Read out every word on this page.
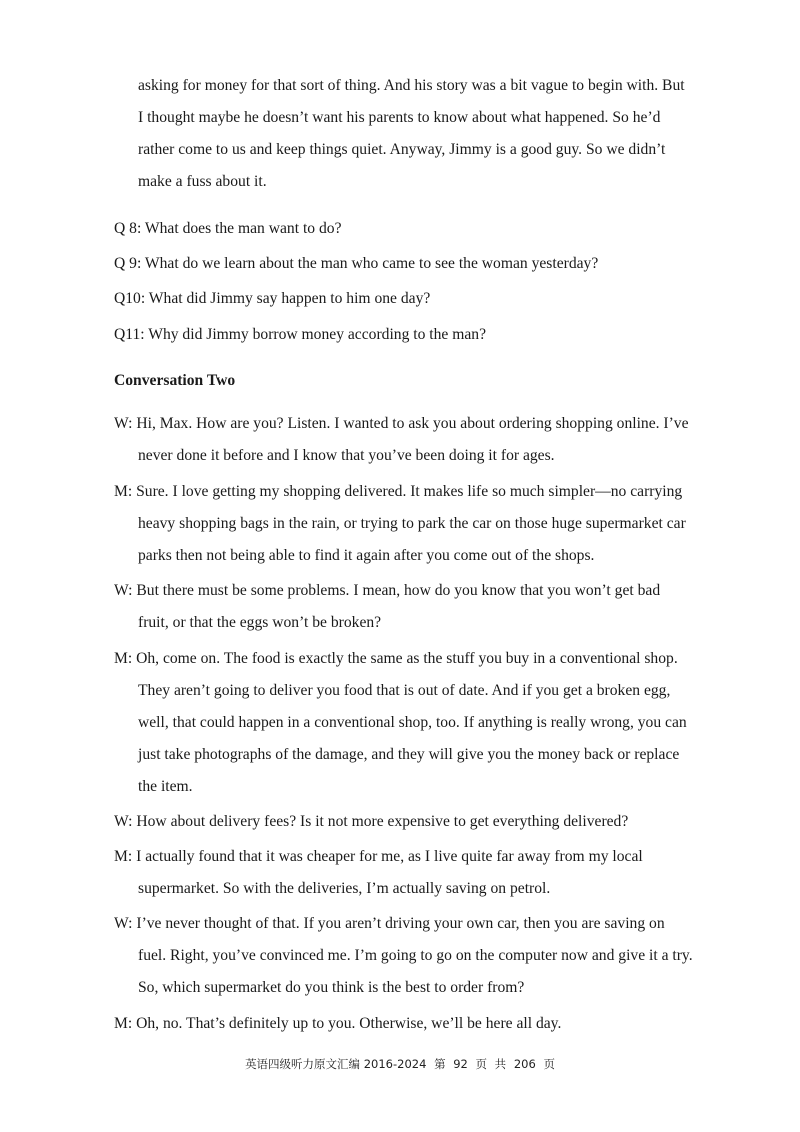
asking for money for that sort of thing. And his story was a bit vague to begin with. But
I thought maybe he doesn’t want his parents to know about what happened. So he’d
rather come to us and keep things quiet. Anyway, Jimmy is a good guy. So we didn’t
make a fuss about it.
Q 8: What does the man want to do?
Q 9: What do we learn about the man who came to see the woman yesterday?
Q10: What did Jimmy say happen to him one day?
Q11: Why did Jimmy borrow money according to the man?
Conversation Two
W: Hi, Max. How are you? Listen. I wanted to ask you about ordering shopping online. I’ve
never done it before and I know that you’ve been doing it for ages.
M: Sure. I love getting my shopping delivered. It makes life so much simpler—no carrying
heavy shopping bags in the rain, or trying to park the car on those huge supermarket car
parks then not being able to find it again after you come out of the shops.
W: But there must be some problems. I mean, how do you know that you won’t get bad
fruit, or that the eggs won’t be broken?
M: Oh, come on. The food is exactly the same as the stuff you buy in a conventional shop.
They aren’t going to deliver you food that is out of date. And if you get a broken egg,
well, that could happen in a conventional shop, too. If anything is really wrong, you can
just take photographs of the damage, and they will give you the money back or replace
the item.
W: How about delivery fees? Is it not more expensive to get everything delivered?
M: I actually found that it was cheaper for me, as I live quite far away from my local
supermarket. So with the deliveries, I’m actually saving on petrol.
W: I’ve never thought of that. If you aren’t driving your own car, then you are saving on
fuel. Right, you’ve convinced me. I’m going to go on the computer now and give it a try.
So, which supermarket do you think is the best to order from?
M: Oh, no. That’s definitely up to you. Otherwise, we’ll be here all day.
英语四级听力原文汇编 2016-2024 第 92 页 共 206 页
